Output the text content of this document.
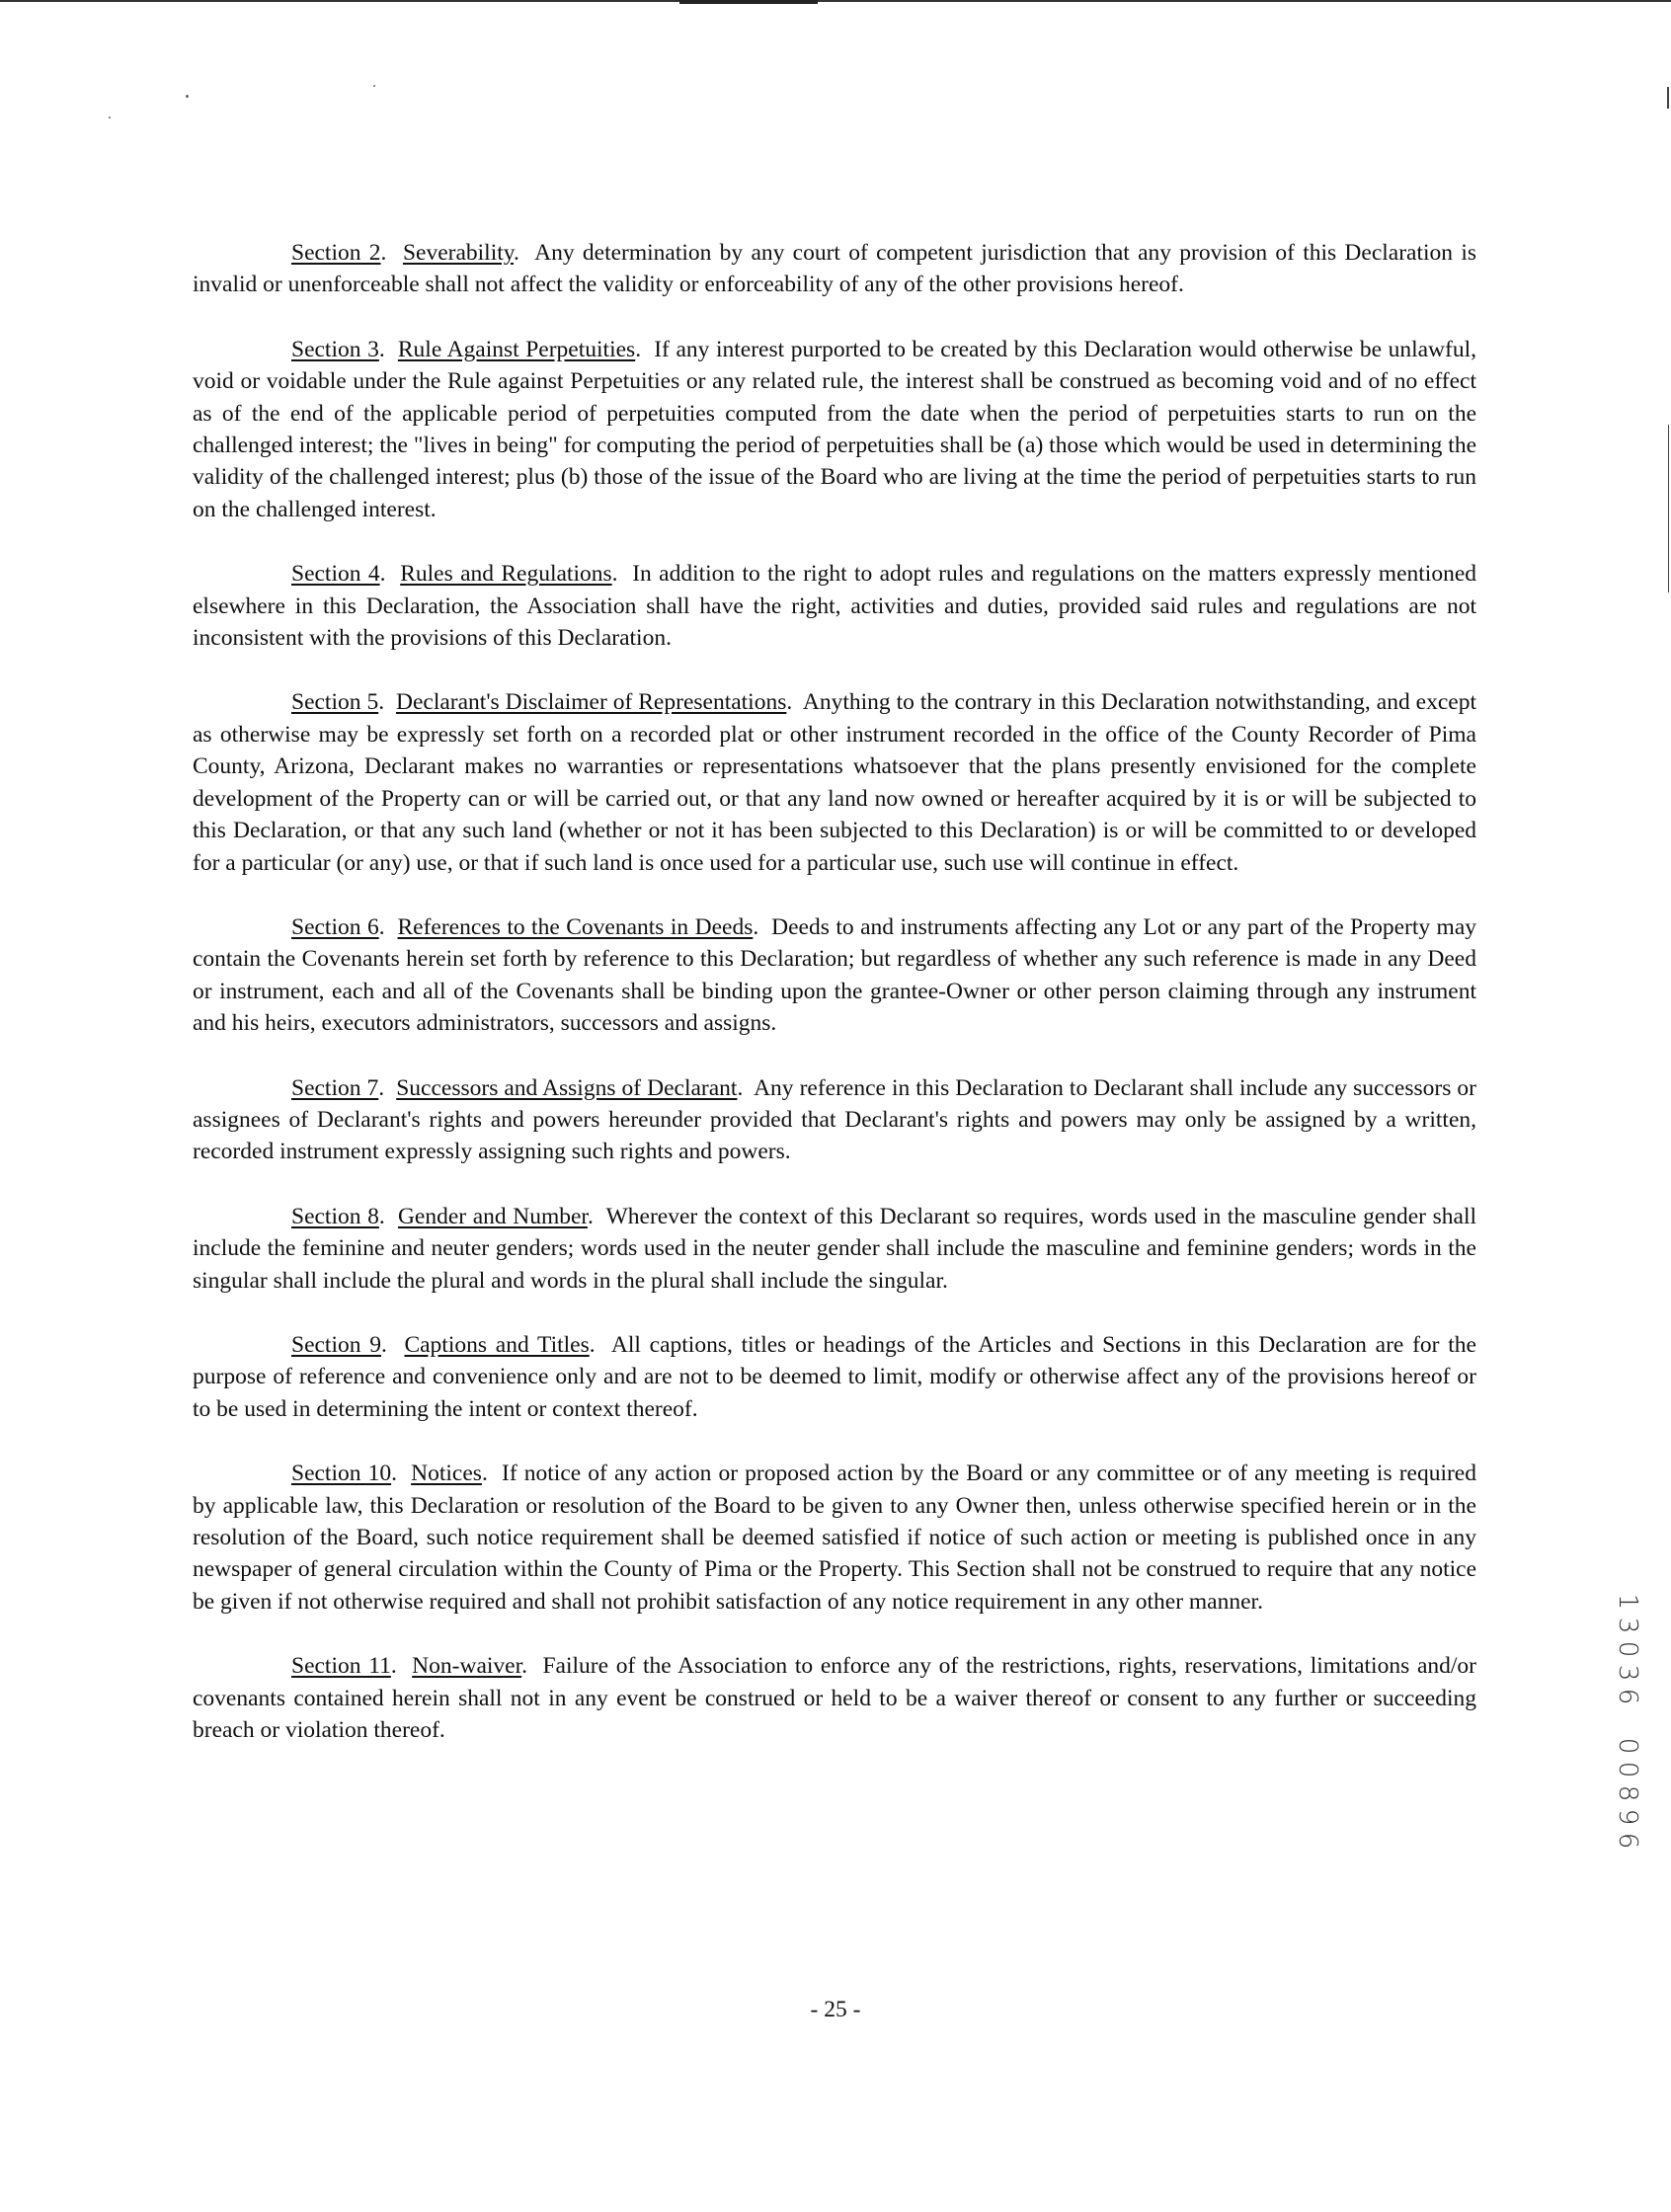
Section 2.  Severability.  Any determination by any court of competent jurisdiction that any provision of this Declaration is invalid or unenforceable shall not affect the validity or enforceability of any of the other provisions hereof.

Section 3.  Rule Against Perpetuities.  If any interest purported to be created by this Declaration would otherwise be unlawful, void or voidable under the Rule against Perpetuities or any related rule, the interest shall be construed as becoming void and of no effect as of the end of the applicable period of perpetuities computed from the date when the period of perpetuities starts to run on the challenged interest; the "lives in being" for computing the period of perpetuities shall be (a) those which would be used in determining the validity of the challenged interest; plus (b) those of the issue of the Board who are living at the time the period of perpetuities starts to run on the challenged interest.

Section 4.  Rules and Regulations.  In addition to the right to adopt rules and regulations on the matters expressly mentioned elsewhere in this Declaration, the Association shall have the right, activities and duties, provided said rules and regulations are not inconsistent with the provisions of this Declaration.

Section 5.  Declarant's Disclaimer of Representations.  Anything to the contrary in this Declaration notwithstanding, and except as otherwise may be expressly set forth on a recorded plat or other instrument recorded in the office of the County Recorder of Pima County, Arizona, Declarant makes no warranties or representations whatsoever that the plans presently envisioned for the complete development of the Property can or will be carried out, or that any land now owned or hereafter acquired by it is or will be subjected to this Declaration, or that any such land (whether or not it has been subjected to this Declaration) is or will be committed to or developed for a particular (or any) use, or that if such land is once used for a particular use, such use will continue in effect.

Section 6.  References to the Covenants in Deeds.  Deeds to and instruments affecting any Lot or any part of the Property may contain the Covenants herein set forth by reference to this Declaration; but regardless of whether any such reference is made in any Deed or instrument, each and all of the Covenants shall be binding upon the grantee-Owner or other person claiming through any instrument and his heirs, executors administrators, successors and assigns.

Section 7.  Successors and Assigns of Declarant.  Any reference in this Declaration to Declarant shall include any successors or assignees of Declarant's rights and powers hereunder provided that Declarant's rights and powers may only be assigned by a written, recorded instrument expressly assigning such rights and powers.

Section 8.  Gender and Number.  Wherever the context of this Declarant so requires, words used in the masculine gender shall include the feminine and neuter genders; words used in the neuter gender shall include the masculine and feminine genders; words in the singular shall include the plural and words in the plural shall include the singular.

Section 9.  Captions and Titles.  All captions, titles or headings of the Articles and Sections in this Declaration are for the purpose of reference and convenience only and are not to be deemed to limit, modify or otherwise affect any of the provisions hereof or to be used in determining the intent or context thereof.

Section 10.  Notices.  If notice of any action or proposed action by the Board or any committee or of any meeting is required by applicable law, this Declaration or resolution of the Board to be given to any Owner then, unless otherwise specified herein or in the resolution of the Board, such notice requirement shall be deemed satisfied if notice of such action or meeting is published once in any newspaper of general circulation within the County of Pima or the Property. This Section shall not be construed to require that any notice be given if not otherwise required and shall not prohibit satisfaction of any notice requirement in any other manner.

Section 11.  Non-waiver.  Failure of the Association to enforce any of the restrictions, rights, reservations, limitations and/or covenants contained herein shall not in any event be construed or held to be a waiver thereof or consent to any further or succeeding breach or violation thereof.

- 25 -
1
3
0
3
6
0
0
8
9
6
